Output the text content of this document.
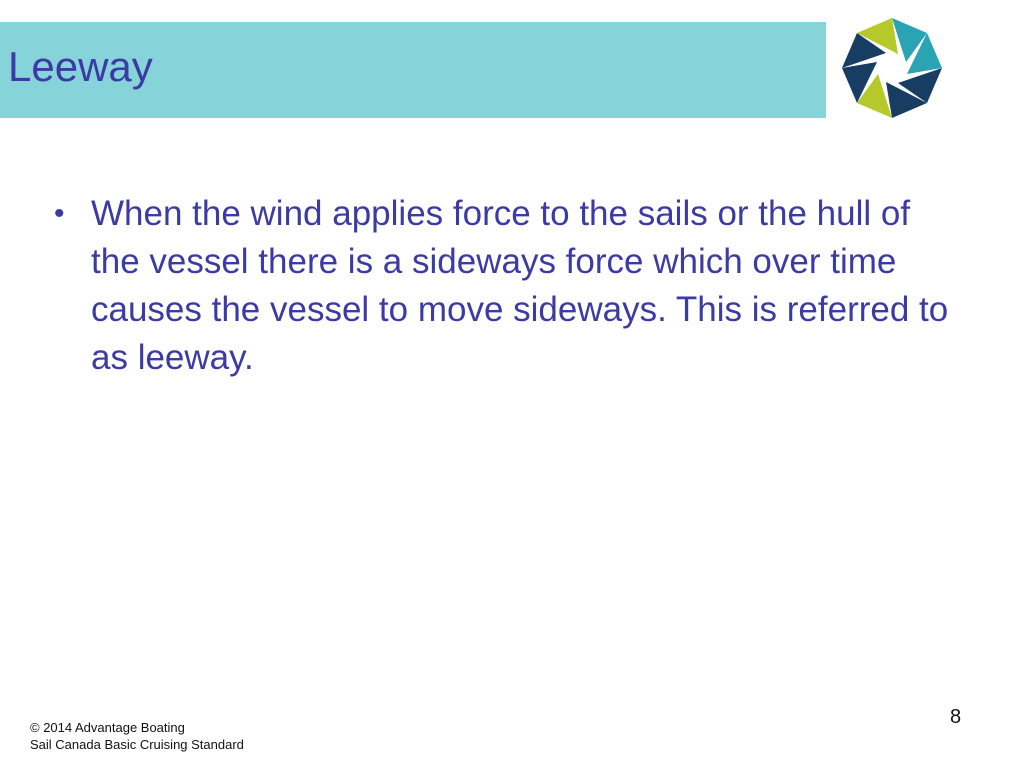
Leeway
• When the wind applies force to the sails or the hull of the vessel there is a sideways force which over time causes the vessel to move sideways. This is referred to as leeway.
© 2014 Advantage Boating
Sail Canada Basic Cruising Standard
8
